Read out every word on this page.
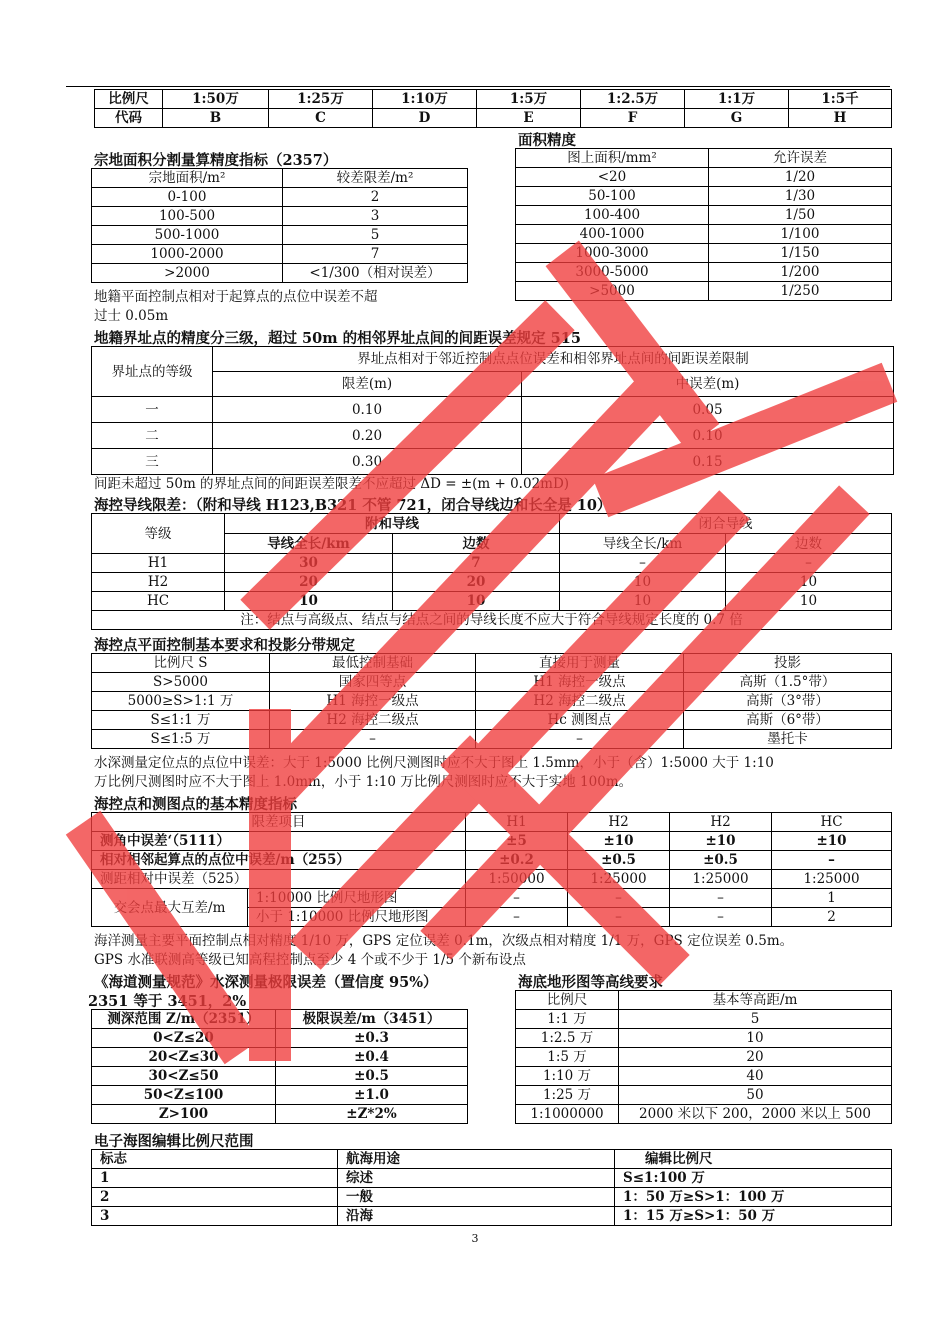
比例尺	1:50万	1:25万	1:10万	1:5万	1:2.5万	1:1万	1:5千
代码	B	C	D	E	F	G	H
面积精度
图上面积/mm²	允许误差
<20	1/20
50-100	1/30
100-400	1/50
400-1000	1/100
1000-3000	1/150
3000-5000	1/200
>5000	1/250
宗地面积分割量算精度指标（2357）
宗地面积/m²	较差限差/m²
0-100	2
100-500	3
500-1000	5
1000-2000	7
>2000	<1/300（相对误差）
地籍平面控制点相对于起算点的点位中误差不超
过士 0.05m
地籍界址点的精度分三级，超过 50m 的相邻界址点间的间距误差规定 515
界址点的等级	界址点相对于邻近控制点点位误差和相邻界址点间的间距误差限制	
	限差(m)	中误差(m)
一	0.10	0.05
二	0.20	0.10
三	0.30	0.15
间距未超过 50m 的界址点间的间距误差限差不应超过 ΔD = ±(m + 0.02mD)
海控导线限差：（附和导线 H123,B321 不管 721，闭合导线边和长全是 10）
等级	附和导线		闭合导线	
	导线全长/km	边数	导线全长/km	边数
H1	30	7	–	–
H2	20	20	10	10
HC	10	10	10	10
注：结点与高级点、结点与结点之间的导线长度不应大于符合导线规定长度的 0.7 倍				
海控点平面控制基本要求和投影分带规定
比例尺 S	最低控制基础	直接用于测量	投影
S>5000	国家四等点	H1 海控一级点	高斯（1.5°带）
5000≥S>1:1 万	H1 海控一级点	H2 海控二级点	高斯（3°带）
S≤1:1 万	H2 海控二级点	Hc 测图点	高斯（6°带）
S≤1:5 万	–	–	墨托卡
水深测量定位点的点位中误差：大于 1:5000 比例尺测图时应不大于图上 1.5mm，小于（含）1:5000 大于 1:10
万比例尺测图时应不大于图上 1.0mm，小于 1:10 万比例尺测图时应不大于实地 100m。
海控点和测图点的基本精度指标
限差项目		H1	H2	H2	HC
测角中误差‘（5111）		±5	±10	±10	±10
相对相邻起算点的点位中误差/m（255）		±0.2	±0.5	±0.5	–
测距相对中误差（525）		1:50000	1:25000	1:25000	1:25000
交会点最大互差/m	1:10000 比例尺地形图	–	–	–	1
	小于 1:10000 比例尺地形图	–	–	–	2
海洋测量主要平面控制点相对精度 1/10 万，GPS 定位误差 0.1m，次级点相对精度 1/1 万，GPS 定位误差 0.5m。
GPS 水准联测高等级已知高程控制点至少 4 个或不少于 1/5 个新布设点
《海道测量规范》水深测量极限误差（置信度 95%）
2351 等于 3451，2%
测深范围 Z/m（2351）	极限误差/m（3451）
0<Z≤20	±0.3
20<Z≤30	±0.4
30<Z≤50	±0.5
50<Z≤100	±1.0
Z>100	±Z*2%
海底地形图等高线要求
比例尺	基本等高距/m
1:1 万	5
1:2.5 万	10
1:5 万	20
1:10 万	40
1:25 万	50
1:1000000	2000 米以下 200，2000 米以上 500
电子海图编辑比例尺范围
标志	航海用途	编辑比例尺
1	综述	S≤1:100 万
2	一般	1：50 万≥S>1：100 万
3	沿海	1：15 万≥S>1：50 万
3
